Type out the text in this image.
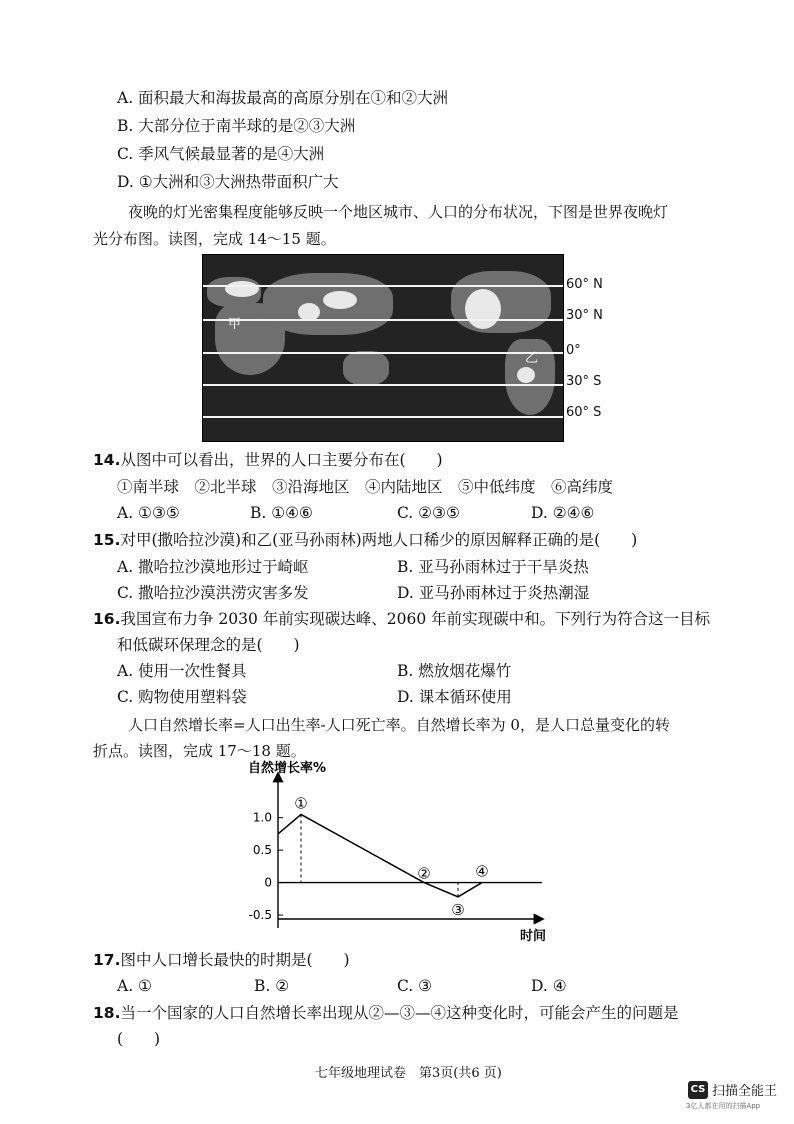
A. 面积最大和海拔最高的高原分别在①和②大洲
B. 大部分位于南半球的是②③大洲
C. 季风气候最显著的是④大洲
D. ①大洲和③大洲热带面积广大
夜晚的灯光密集程度能够反映一个地区城市、人口的分布状况，下图是世界夜晚灯
光分布图。读图，完成 14～15 题。
甲
乙
60° N
30° N
0°
30° S
60° S
14.从图中可以看出，世界的人口主要分布在(　　)
①南半球　②北半球　③沿海地区　④内陆地区　⑤中低纬度　⑥高纬度
A. ①③⑤	B. ①④⑥	C. ②③⑤	D. ②④⑥
15.对甲(撒哈拉沙漠)和乙(亚马孙雨林)两地人口稀少的原因解释正确的是(　　)
A. 撒哈拉沙漠地形过于崎岖	B. 亚马孙雨林过于干旱炎热
C. 撒哈拉沙漠洪涝灾害多发	D. 亚马孙雨林过于炎热潮湿
16.我国宣布力争 2030 年前实现碳达峰、2060 年前实现碳中和。下列行为符合这一目标
和低碳环保理念的是(　　)
A. 使用一次性餐具	B. 燃放烟花爆竹
C. 购物使用塑料袋	D. 课本循环使用
人口自然增长率=人口出生率-人口死亡率。自然增长率为 0，是人口总量变化的转
折点。读图，完成 17～18 题。
自然增长率%
时间
1.0
0.5
0
-0.5
①
②
③
④
17.图中人口增长最快的时期是(　　)
A. ①	B. ②	C. ③	D. ④
18.当一个国家的人口自然增长率出现从②—③—④这种变化时，可能会产生的问题是
(　　)
七年级地理试卷　第3页(共6 页)
CS 扫描全能王
3亿人都在用的扫描App
